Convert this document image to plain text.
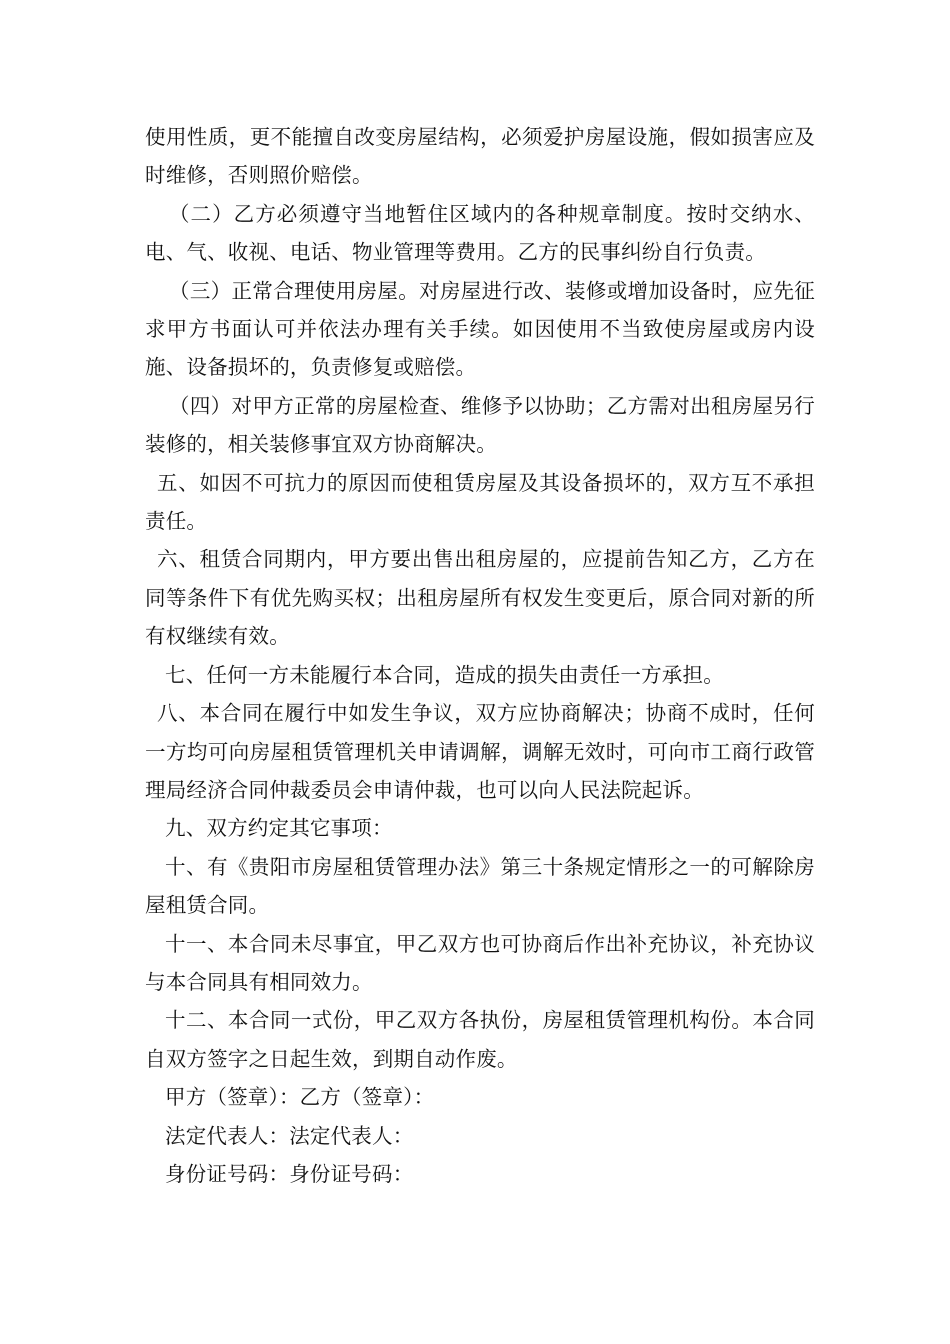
使用性质，更不能擅自改变房屋结构，必须爱护房屋设施，假如损害应及时维修，否则照价赔偿。

（二）乙方必须遵守当地暂住区域内的各种规章制度。按时交纳水、电、气、收视、电话、物业管理等费用。乙方的民事纠纷自行负责。

（三）正常合理使用房屋。对房屋进行改、装修或增加设备时，应先征求甲方书面认可并依法办理有关手续。如因使用不当致使房屋或房内设施、设备损坏的，负责修复或赔偿。

（四）对甲方正常的房屋检查、维修予以协助；乙方需对出租房屋另行装修的，相关装修事宜双方协商解决。

五、如因不可抗力的原因而使租赁房屋及其设备损坏的，双方互不承担责任。

六、租赁合同期内，甲方要出售出租房屋的，应提前告知乙方，乙方在同等条件下有优先购买权；出租房屋所有权发生变更后，原合同对新的所有权继续有效。

七、任何一方未能履行本合同，造成的损失由责任一方承担。

八、本合同在履行中如发生争议，双方应协商解决；协商不成时，任何一方均可向房屋租赁管理机关申请调解，调解无效时，可向市工商行政管理局经济合同仲裁委员会申请仲裁，也可以向人民法院起诉。

九、双方约定其它事项：

十、有《贵阳市房屋租赁管理办法》第三十条规定情形之一的可解除房屋租赁合同。

十一、本合同未尽事宜，甲乙双方也可协商后作出补充协议，补充协议与本合同具有相同效力。

十二、本合同一式份，甲乙双方各执份，房屋租赁管理机构份。本合同自双方签字之日起生效，到期自动作废。

甲方（签章）：乙方（签章）：

法定代表人：法定代表人：

身份证号码：身份证号码：
